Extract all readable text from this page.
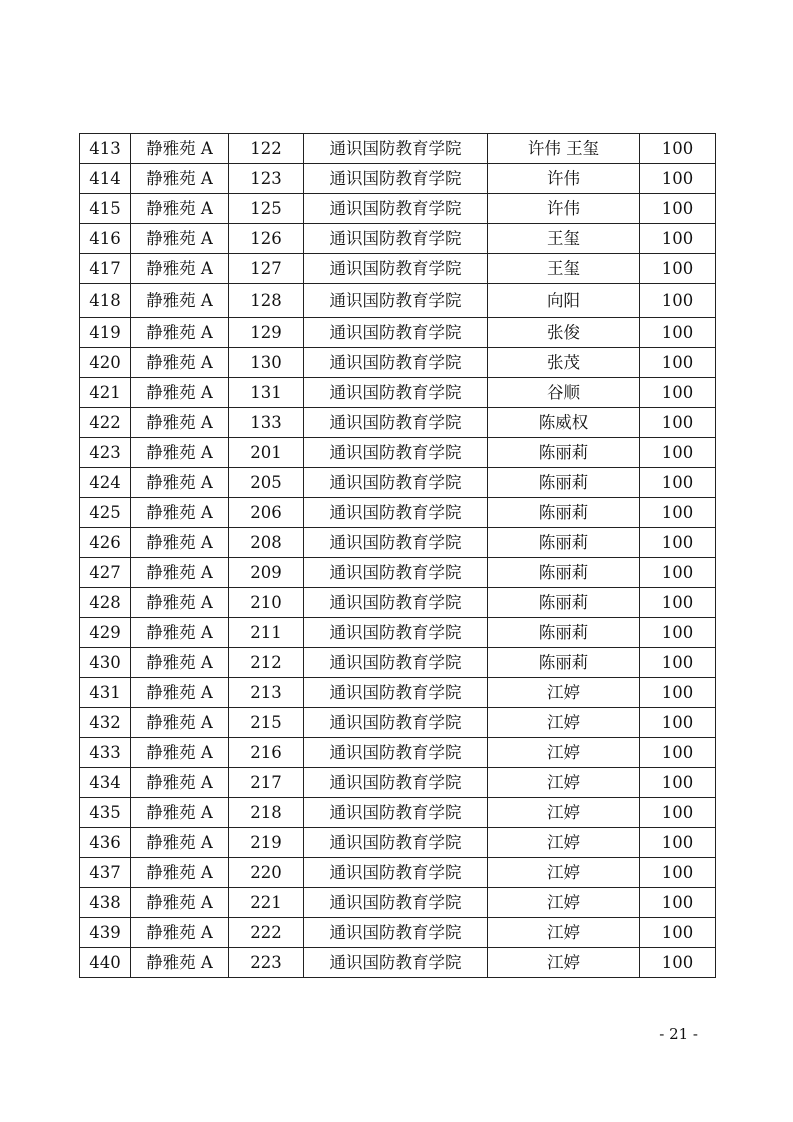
413	静雅苑 A	122	通识国防教育学院	许伟 王玺	100
414	静雅苑 A	123	通识国防教育学院	许伟	100
415	静雅苑 A	125	通识国防教育学院	许伟	100
416	静雅苑 A	126	通识国防教育学院	王玺	100
417	静雅苑 A	127	通识国防教育学院	王玺	100
418	静雅苑 A	128	通识国防教育学院	向阳	100
419	静雅苑 A	129	通识国防教育学院	张俊	100
420	静雅苑 A	130	通识国防教育学院	张茂	100
421	静雅苑 A	131	通识国防教育学院	谷顺	100
422	静雅苑 A	133	通识国防教育学院	陈威权	100
423	静雅苑 A	201	通识国防教育学院	陈丽莉	100
424	静雅苑 A	205	通识国防教育学院	陈丽莉	100
425	静雅苑 A	206	通识国防教育学院	陈丽莉	100
426	静雅苑 A	208	通识国防教育学院	陈丽莉	100
427	静雅苑 A	209	通识国防教育学院	陈丽莉	100
428	静雅苑 A	210	通识国防教育学院	陈丽莉	100
429	静雅苑 A	211	通识国防教育学院	陈丽莉	100
430	静雅苑 A	212	通识国防教育学院	陈丽莉	100
431	静雅苑 A	213	通识国防教育学院	江婷	100
432	静雅苑 A	215	通识国防教育学院	江婷	100
433	静雅苑 A	216	通识国防教育学院	江婷	100
434	静雅苑 A	217	通识国防教育学院	江婷	100
435	静雅苑 A	218	通识国防教育学院	江婷	100
436	静雅苑 A	219	通识国防教育学院	江婷	100
437	静雅苑 A	220	通识国防教育学院	江婷	100
438	静雅苑 A	221	通识国防教育学院	江婷	100
439	静雅苑 A	222	通识国防教育学院	江婷	100
440	静雅苑 A	223	通识国防教育学院	江婷	100
- 21 -
